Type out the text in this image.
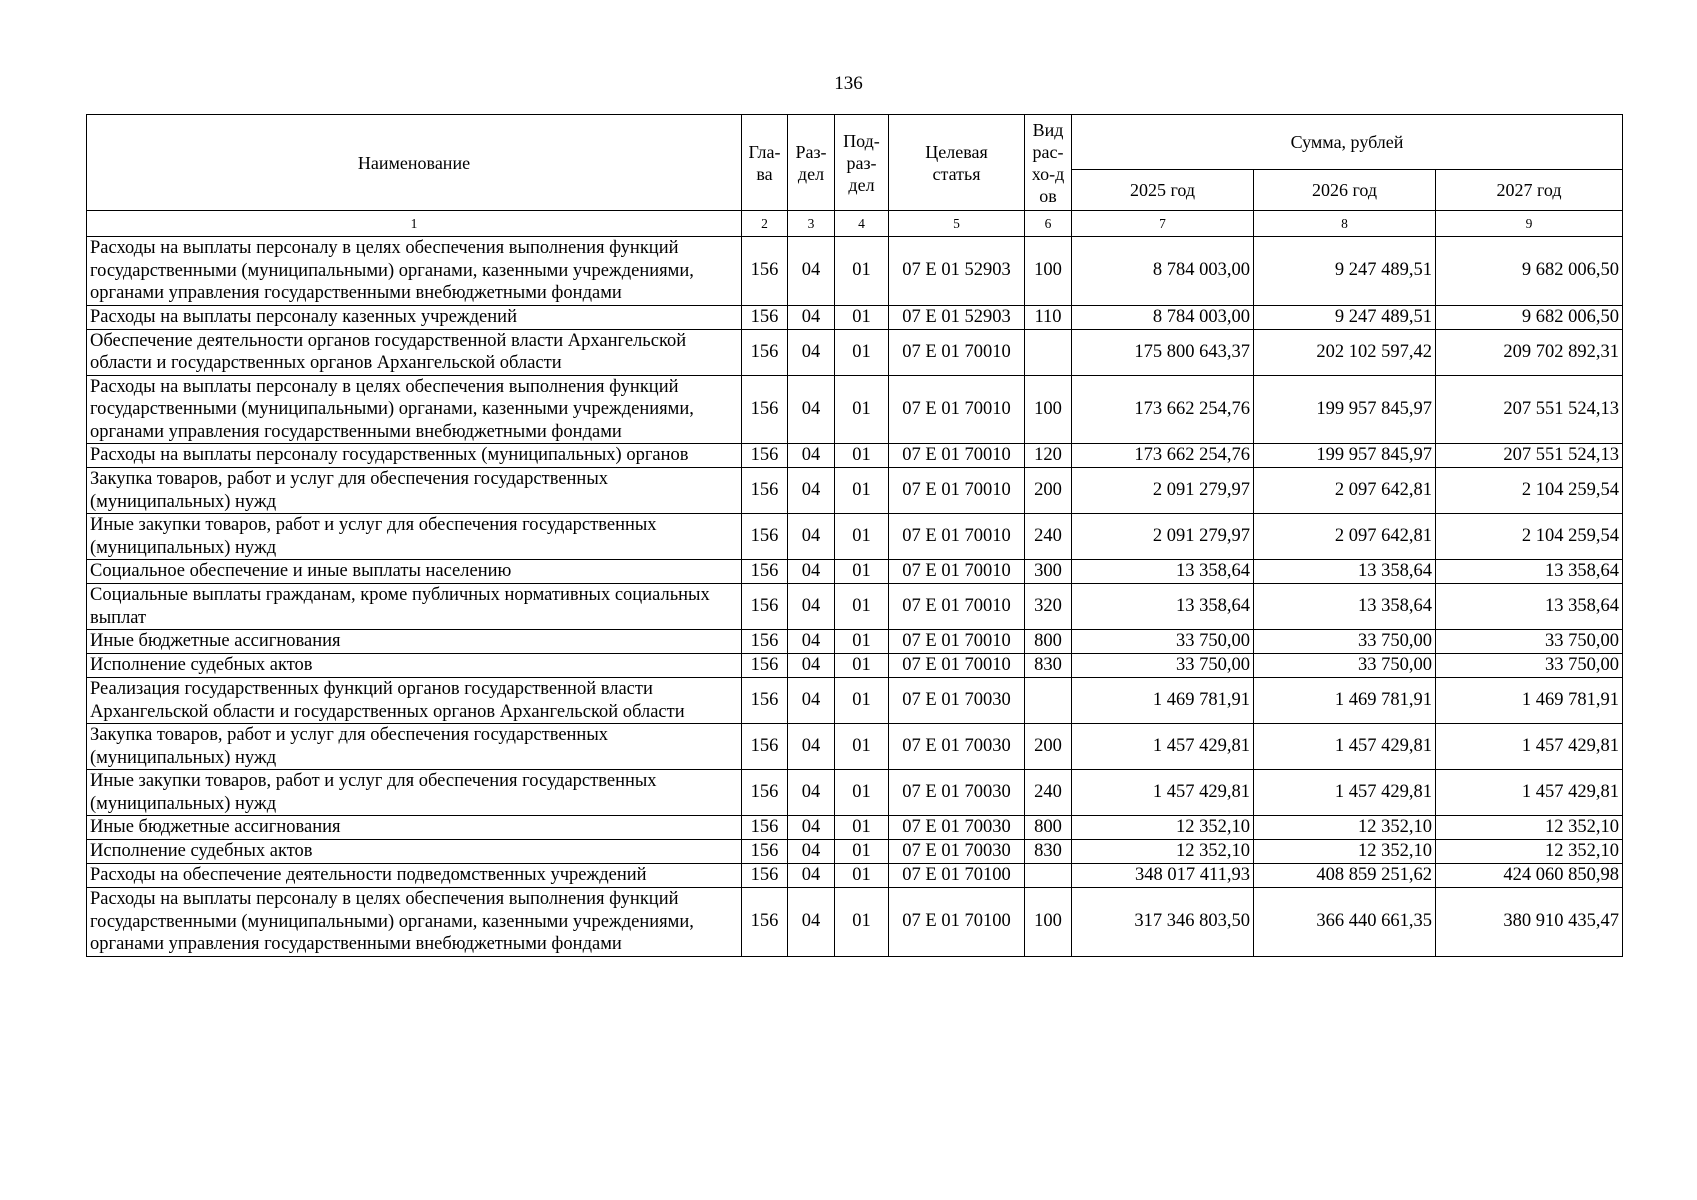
136
Наименование	Гла-ва	Раз-дел	Под-раз-дел	Целевая статья	Вид рас-хо-дов	Сумма, рублей		
						2025 год	2026 год	2027 год
1	2	3	4	5	6	7	8	9
Расходы на выплаты персоналу в целях обеспечения выполнения функций государственными (муниципальными) органами, казенными учреждениями, органами управления государственными внебюджетными фондами	156	04	01	07 Е 01 52903	100	8 784 003,00	9 247 489,51	9 682 006,50
Расходы на выплаты персоналу казенных учреждений	156	04	01	07 Е 01 52903	110	8 784 003,00	9 247 489,51	9 682 006,50
Обеспечение деятельности органов государственной власти Архангельской области и государственных органов Архангельской области	156	04	01	07 Е 01 70010		175 800 643,37	202 102 597,42	209 702 892,31
Расходы на выплаты персоналу в целях обеспечения выполнения функций государственными (муниципальными) органами, казенными учреждениями, органами управления государственными внебюджетными фондами	156	04	01	07 Е 01 70010	100	173 662 254,76	199 957 845,97	207 551 524,13
Расходы на выплаты персоналу государственных (муниципальных) органов	156	04	01	07 Е 01 70010	120	173 662 254,76	199 957 845,97	207 551 524,13
Закупка товаров, работ и услуг для обеспечения государственных (муниципальных) нужд	156	04	01	07 Е 01 70010	200	2 091 279,97	2 097 642,81	2 104 259,54
Иные закупки товаров, работ и услуг для обеспечения государственных (муниципальных) нужд	156	04	01	07 Е 01 70010	240	2 091 279,97	2 097 642,81	2 104 259,54
Социальное обеспечение и иные выплаты населению	156	04	01	07 Е 01 70010	300	13 358,64	13 358,64	13 358,64
Социальные выплаты гражданам, кроме публичных нормативных социальных выплат	156	04	01	07 Е 01 70010	320	13 358,64	13 358,64	13 358,64
Иные бюджетные ассигнования	156	04	01	07 Е 01 70010	800	33 750,00	33 750,00	33 750,00
Исполнение судебных актов	156	04	01	07 Е 01 70010	830	33 750,00	33 750,00	33 750,00
Реализация государственных функций органов государственной власти Архангельской области и государственных органов Архангельской области	156	04	01	07 Е 01 70030		1 469 781,91	1 469 781,91	1 469 781,91
Закупка товаров, работ и услуг для обеспечения государственных (муниципальных) нужд	156	04	01	07 Е 01 70030	200	1 457 429,81	1 457 429,81	1 457 429,81
Иные закупки товаров, работ и услуг для обеспечения государственных (муниципальных) нужд	156	04	01	07 Е 01 70030	240	1 457 429,81	1 457 429,81	1 457 429,81
Иные бюджетные ассигнования	156	04	01	07 Е 01 70030	800	12 352,10	12 352,10	12 352,10
Исполнение судебных актов	156	04	01	07 Е 01 70030	830	12 352,10	12 352,10	12 352,10
Расходы на обеспечение деятельности подведомственных учреждений	156	04	01	07 Е 01 70100		348 017 411,93	408 859 251,62	424 060 850,98
Расходы на выплаты персоналу в целях обеспечения выполнения функций государственными (муниципальными) органами, казенными учреждениями, органами управления государственными внебюджетными фондами	156	04	01	07 Е 01 70100	100	317 346 803,50	366 440 661,35	380 910 435,47
